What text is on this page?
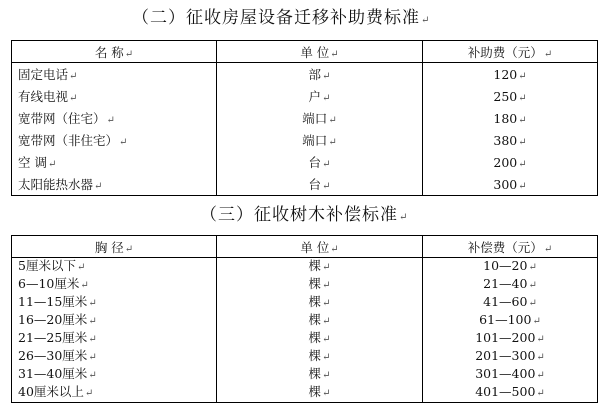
（二）征收房屋设备迁移补助费标准↵
名 称↵	单 位↵	补助费（元）↵
固定电话↵	部↵	120↵
有线电视↵	户↵	250↵
宽带网（住宅）↵	端口↵	180↵
宽带网（非住宅）↵	端口↵	380↵
空 调↵	台↵	200↵
太阳能热水器↵	台↵	300↵
（三）征收树木补偿标准↵
胸 径↵	单 位↵	补偿费（元）↵
5厘米以下↵	棵↵	10—20↵
6—10厘米↵	棵↵	21—40↵
11—15厘米↵	棵↵	41—60↵
16—20厘米↵	棵↵	61—100↵
21—25厘米↵	棵↵	101—200↵
26—30厘米↵	棵↵	201—300↵
31—40厘米↵	棵↵	301—400↵
40厘米以上↵	棵↵	401—500↵
